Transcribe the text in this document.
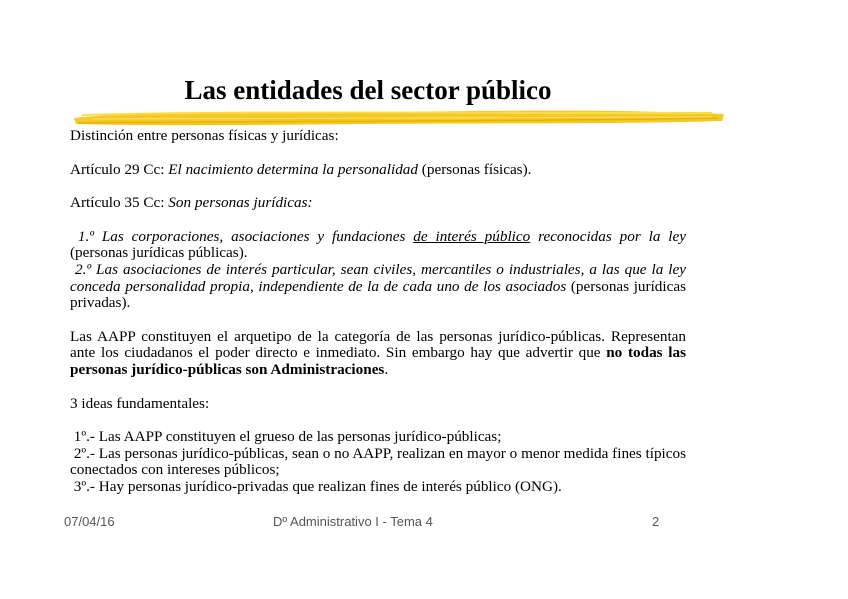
Las entidades del sector público

Distinción entre personas físicas y jurídicas:

Artículo 29 Cc: El nacimiento determina la personalidad (personas físicas).

Artículo 35 Cc: Son personas jurídicas:

1.º Las corporaciones, asociaciones y fundaciones de interés público reconocidas por la ley (personas jurídicas públicas).

2.º Las asociaciones de interés particular, sean civiles, mercantiles o industriales, a las que la ley conceda personalidad propia, independiente de la de cada uno de los asociados (personas jurídicas privadas).

Las AAPP constituyen el arquetipo de la categoría de las personas jurídico-públicas. Representan ante los ciudadanos el poder directo e inmediato. Sin embargo hay que advertir que no todas las personas jurídico-públicas son Administraciones.

3 ideas fundamentales:

1º.- Las AAPP constituyen el grueso de las personas jurídico-públicas;

2º.- Las personas jurídico-públicas, sean o no AAPP, realizan en mayor o menor medida fines típicos conectados con intereses públicos;

3º.- Hay personas jurídico-privadas que realizan fines de interés público (ONG).

07/04/16	Dº Administrativo I - Tema 4	2
